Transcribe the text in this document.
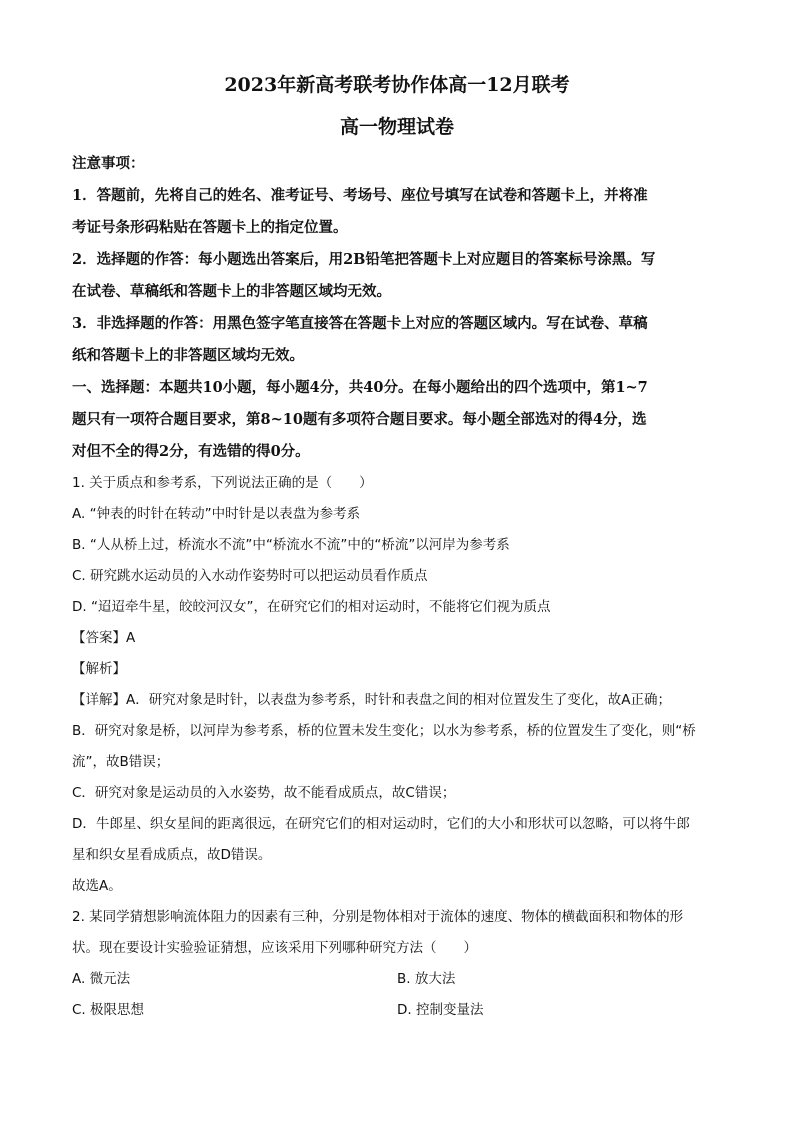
2023年新高考联考协作体高一12月联考

高一物理试卷

注意事项：

1．答题前，先将自己的姓名、准考证号、考场号、座位号填写在试卷和答题卡上，并将准

考证号条形码粘贴在答题卡上的指定位置。

2．选择题的作答：每小题选出答案后，用2B铅笔把答题卡上对应题目的答案标号涂黑。写

在试卷、草稿纸和答题卡上的非答题区域均无效。

3．非选择题的作答：用黑色签字笔直接答在答题卡上对应的答题区域内。写在试卷、草稿

纸和答题卡上的非答题区域均无效。

一、选择题：本题共10小题，每小题4分，共40分。在每小题给出的四个选项中，第1~7

题只有一项符合题目要求，第8~10题有多项符合题目要求。每小题全部选对的得4分，选

对但不全的得2分，有选错的得0分。

1. 关于质点和参考系，下列说法正确的是（　　）

A. “钟表的时针在转动”中时针是以表盘为参考系

B. “人从桥上过，桥流水不流”中“桥流水不流”中的“桥流”以河岸为参考系

C. 研究跳水运动员的入水动作姿势时可以把运动员看作质点

D. “迢迢牵牛星，皎皎河汉女”，在研究它们的相对运动时，不能将它们视为质点

【答案】A

【解析】

【详解】A．研究对象是时针，以表盘为参考系，时针和表盘之间的相对位置发生了变化，故A正确；

B．研究对象是桥，以河岸为参考系，桥的位置未发生变化；以水为参考系，桥的位置发生了变化，则“桥

流”，故B错误；

C．研究对象是运动员的入水姿势，故不能看成质点，故C错误；

D．牛郎星、织女星间的距离很远，在研究它们的相对运动时，它们的大小和形状可以忽略，可以将牛郎

星和织女星看成质点，故D错误。

故选A。

2. 某同学猜想影响流体阻力的因素有三种，分别是物体相对于流体的速度、物体的横截面积和物体的形

状。现在要设计实验验证猜想，应该采用下列哪种研究方法（　　）

A. 微元法	B. 放大法
C. 极限思想	D. 控制变量法
